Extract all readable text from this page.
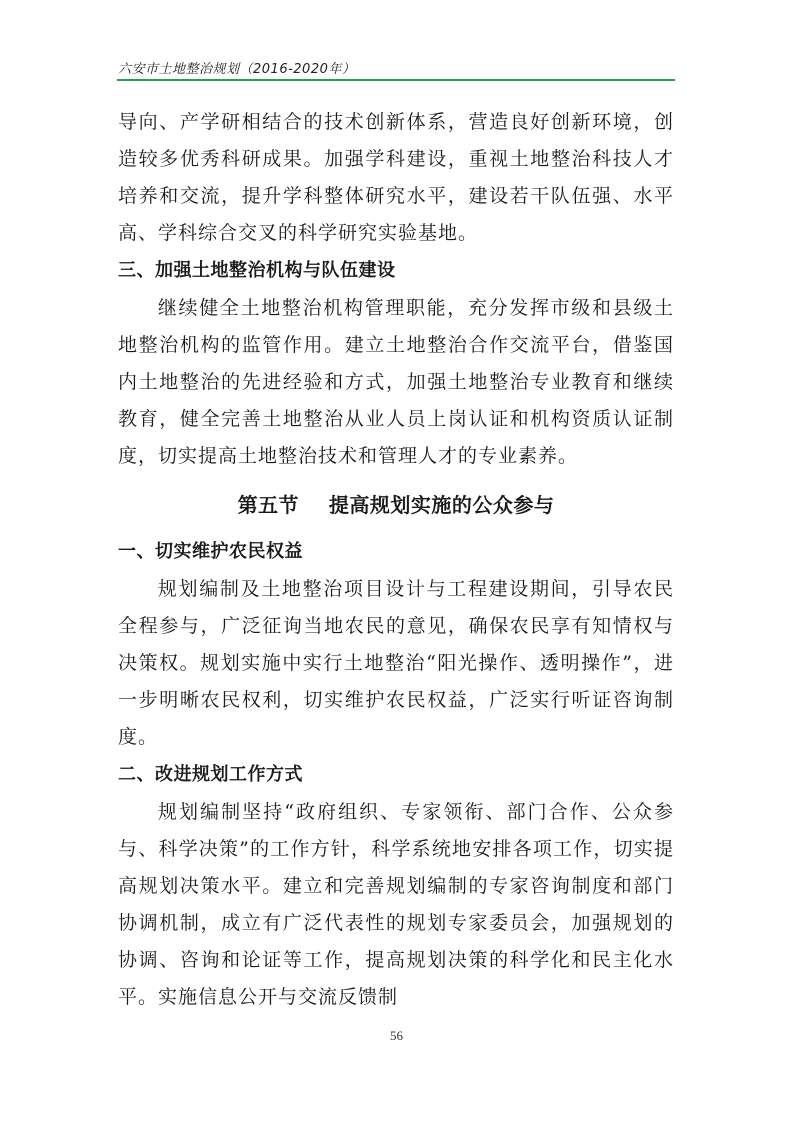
六安市土地整治规划（2016-2020年）

导向、产学研相结合的技术创新体系，营造良好创新环境，创造较多优秀科研成果。加强学科建设，重视土地整治科技人才培养和交流，提升学科整体研究水平，建设若干队伍强、水平高、学科综合交叉的科学研究实验基地。

三、加强土地整治机构与队伍建设

继续健全土地整治机构管理职能，充分发挥市级和县级土地整治机构的监管作用。建立土地整治合作交流平台，借鉴国内土地整治的先进经验和方式，加强土地整治专业教育和继续教育，健全完善土地整治从业人员上岗认证和机构资质认证制度，切实提高土地整治技术和管理人才的专业素养。

第五节    提高规划实施的公众参与

一、切实维护农民权益

规划编制及土地整治项目设计与工程建设期间，引导农民全程参与，广泛征询当地农民的意见，确保农民享有知情权与决策权。规划实施中实行土地整治“阳光操作、透明操作”，进一步明晰农民权利，切实维护农民权益，广泛实行听证咨询制度。

二、改进规划工作方式

规划编制坚持“政府组织、专家领衔、部门合作、公众参与、科学决策”的工作方针，科学系统地安排各项工作，切实提高规划决策水平。建立和完善规划编制的专家咨询制度和部门协调机制，成立有广泛代表性的规划专家委员会，加强规划的协调、咨询和论证等工作，提高规划决策的科学化和民主化水平。实施信息公开与交流反馈制

56
